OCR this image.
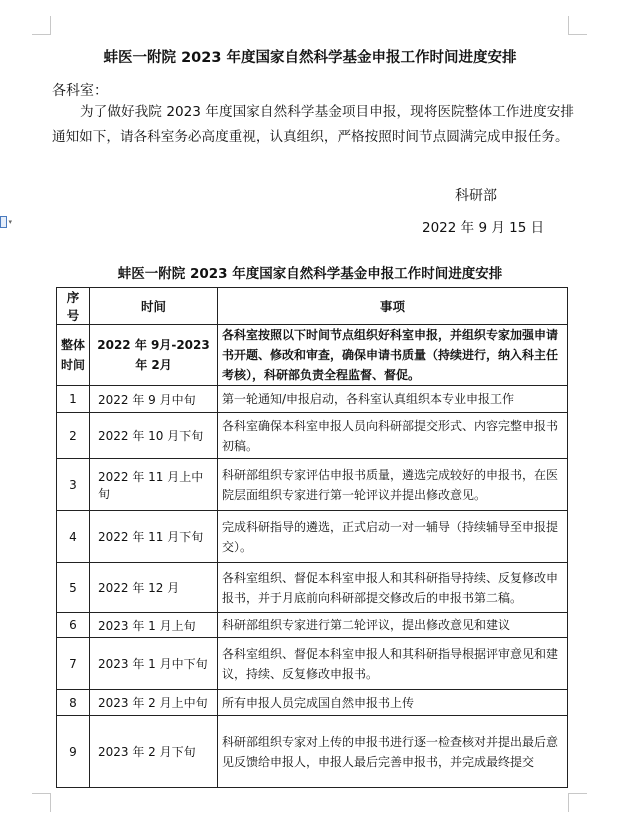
▾
蚌医一附院 2023 年度国家自然科学基金申报工作时间进度安排
各科室：
为了做好我院 2023 年度国家自然科学基金项目申报，现将医院整体工作进度安排通知如下，请各科室务必高度重视，认真组织，严格按照时间节点圆满完成申报任务。
科研部
2022 年 9 月 15 日
蚌医一附院 2023 年度国家自然科学基金申报工作时间进度安排
序号	时间	事项
整体时间	2022 年 9月-2023 年 2月	各科室按照以下时间节点组织好科室申报，并组织专家加强申请书开题、修改和审查，确保申请书质量（持续进行，纳入科主任考核），科研部负责全程监督、督促。
1	2022 年 9 月中旬	第一轮通知/申报启动，各科室认真组织本专业申报工作
2	2022 年 10 月下旬	各科室确保本科室申报人员向科研部提交形式、内容完整申报书初稿。
3	2022 年 11 月上中旬	科研部组织专家评估申报书质量，遴选完成较好的申报书，在医院层面组织专家进行第一轮评议并提出修改意见。
4	2022 年 11 月下旬	完成科研指导的遴选，正式启动一对一辅导（持续辅导至申报提交）。
5	2022 年 12 月	各科室组织、督促本科室申报人和其科研指导持续、反复修改申报书，并于月底前向科研部提交修改后的申报书第二稿。
6	2023 年 1 月上旬	科研部组织专家进行第二轮评议，提出修改意见和建议
7	2023 年 1 月中下旬	各科室组织、督促本科室申报人和其科研指导根据评审意见和建议，持续、反复修改申报书。
8	2023 年 2 月上中旬	所有申报人员完成国自然申报书上传
9	2023 年 2 月下旬	科研部组织专家对上传的申报书进行逐一检查核对并提出最后意见反馈给申报人，申报人最后完善申报书，并完成最终提交
